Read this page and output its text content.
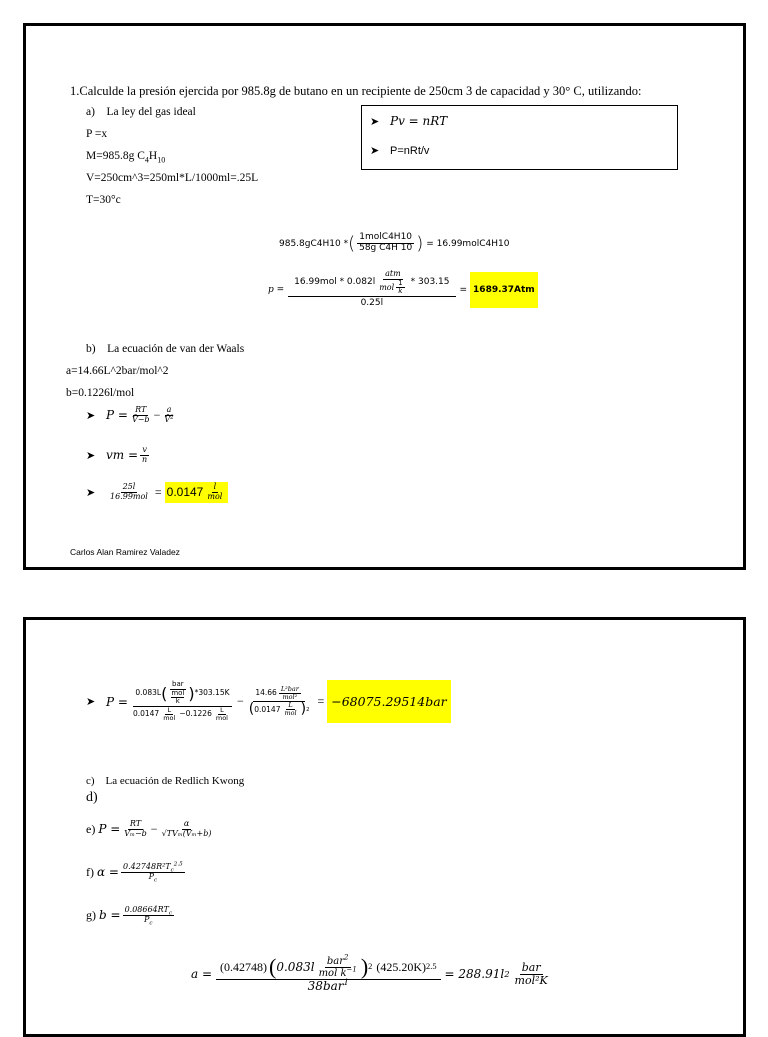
1.Calculde la presión ejercida por 985.8g de butano en un recipiente de 250cm 3 de capacidad y 30° C, utilizando:
a) La ley del gas ideal
P =x
M=985.8g $C_4H_{10}$
V=250cm^3=250ml*L/1000ml=.25L
T=30°c
➤ Pv = nRT
➤ P=nRt/v
985.8gC4H10 * ( $\frac{\text{1molC4H10}}{\text{58g C4H 10}}$ ) = 16.99molC4H10
p =
$16.99mol * 0.082l \frac{\text{atm}}{mol \frac{1}{k}} * 303.15$
0.25l
= 1689.37Atm
b) La ecuación de van der Waals
a=14.66L^2bar/mol^2
b=0.1226l/mol
➤ $P = \frac{RT}{V̄-b} - \frac{a}{V̄^2}$
➤ vm = $\frac{v}{n}$
➤	$\frac{25l}{\text{16.99mol}} = 0.0147 \frac{l}{\text{mol}}$
Carlos Alan Ramirez Valadez
➤ P =
0.083L ( bar
mol
k ) *303.15K
$0.0147 \frac{L}{\text{mol}} -0.1226 \frac{L}{\text{mol}}$
− $\frac{14.66 \frac{\text{L²bar}}{\text{mol²}}}{( 0.0147 \frac{L}{\text{mol}} ) 2} = -68075.29514bar$
c) La ecuación de Redlich Kwong
d)
e)
$P = \frac{RT}{\text{Vₘ−b}} - \frac{\alpha}{\text{√TVₘ(Vₘ+b)}}$
f)
$\alpha = \frac{0.42748R^2T_c^{2.5}}{P_c}$
g)
$b = \frac{0.08664RT_c}{P_c}$
a =
(0.42748) ( $0.083l \frac{bar^2}{mol k^{-1}}$ ) 2 (425.20K) 2.5
38bar$^1$
= 288.91l $2 \frac{\text{bar}}{\text{mol²K}}$
